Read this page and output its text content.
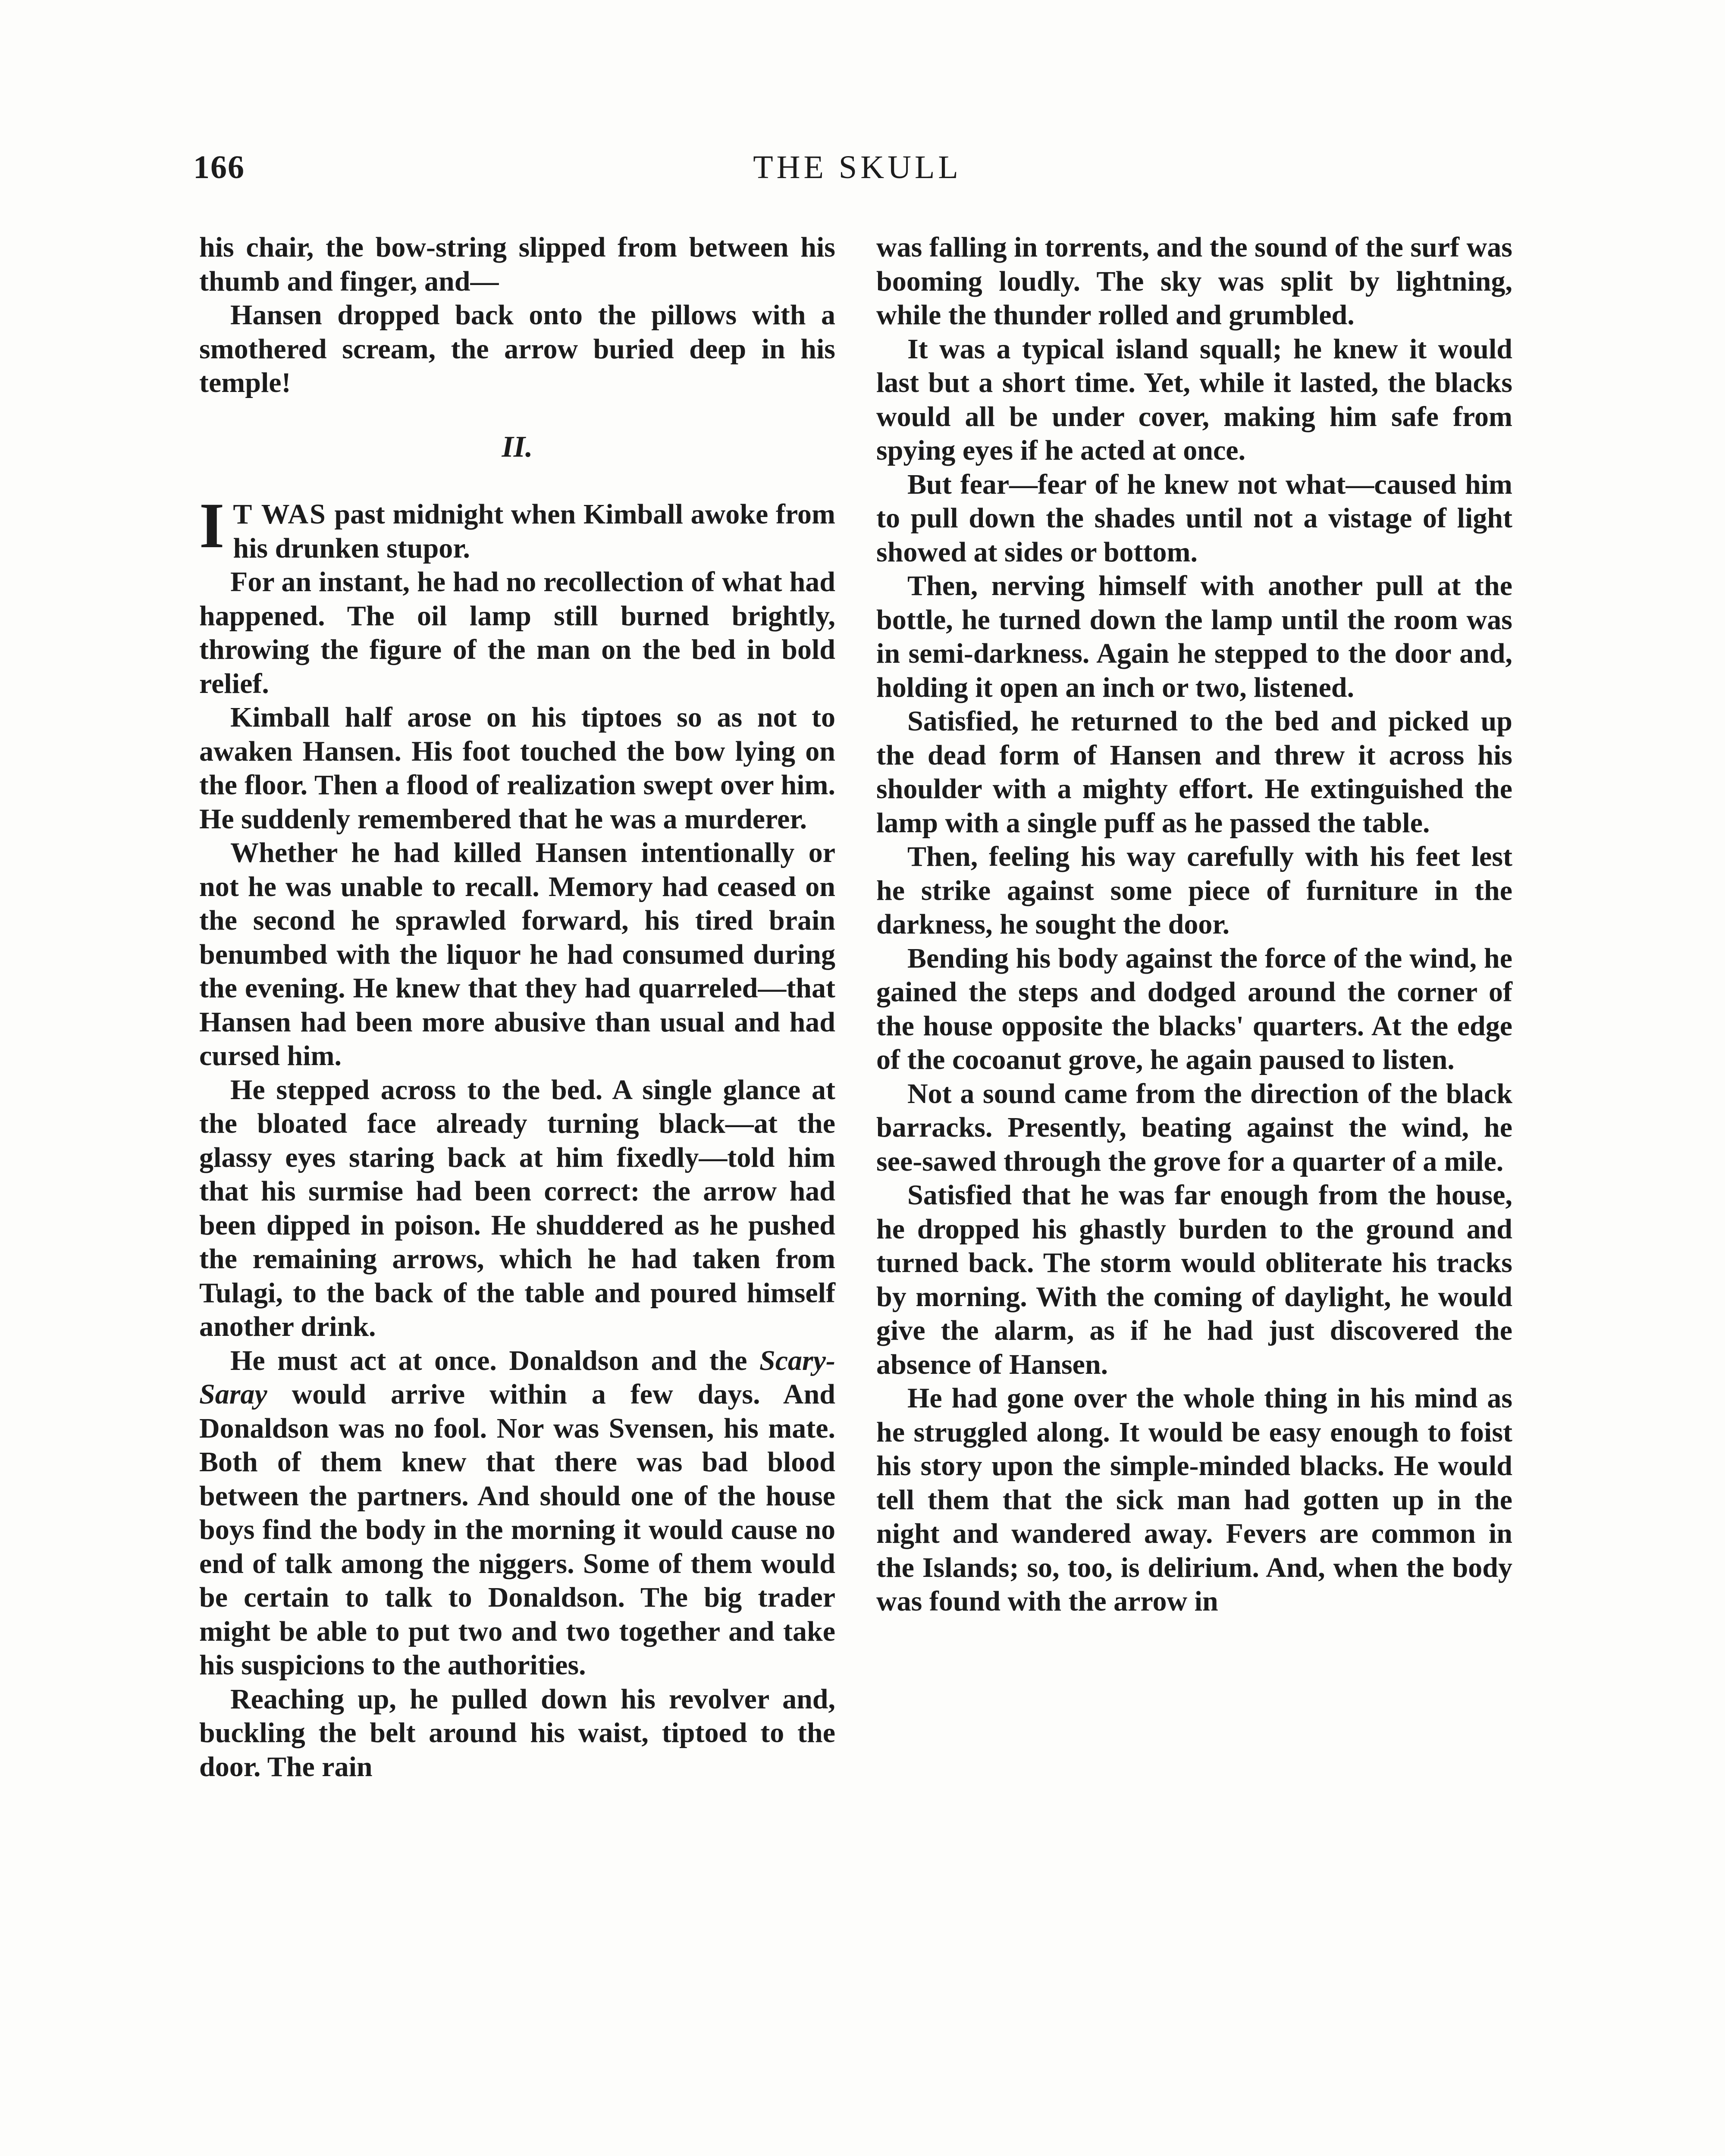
166	THE SKULL

his chair, the bow-string slipped from between his thumb and finger, and—

Hansen dropped back onto the pillows with a smothered scream, the arrow buried deep in his temple!

II.

I T WAS past midnight when Kimball awoke from his drunken stupor.

For an instant, he had no recollection of what had happened. The oil lamp still burned brightly, throwing the figure of the man on the bed in bold relief.

Kimball half arose on his tiptoes so as not to awaken Hansen. His foot touched the bow lying on the floor. Then a flood of realization swept over him. He suddenly remembered that he was a murderer.

Whether he had killed Hansen intentionally or not he was unable to recall. Memory had ceased on the second he sprawled forward, his tired brain benumbed with the liquor he had consumed during the evening. He knew that they had quarreled—that Hansen had been more abusive than usual and had cursed him.

He stepped across to the bed. A single glance at the bloated face already turning black—at the glassy eyes staring back at him fixedly—told him that his surmise had been correct: the arrow had been dipped in poison. He shuddered as he pushed the remaining arrows, which he had taken from Tulagi, to the back of the table and poured himself another drink.

He must act at once. Donaldson and the Scary-Saray would arrive within a few days. And Donaldson was no fool. Nor was Svensen, his mate. Both of them knew that there was bad blood between the partners. And should one of the house boys find the body in the morning it would cause no end of talk among the niggers. Some of them would be certain to talk to Donaldson. The big trader might be able to put two and two together and take his suspicions to the authorities.

Reaching up, he pulled down his revolver and, buckling the belt around his waist, tiptoed to the door. The rain

was falling in torrents, and the sound of the surf was booming loudly. The sky was split by lightning, while the thunder rolled and grumbled.

It was a typical island squall; he knew it would last but a short time. Yet, while it lasted, the blacks would all be under cover, making him safe from spying eyes if he acted at once.

But fear—fear of he knew not what—caused him to pull down the shades until not a vistage of light showed at sides or bottom.

Then, nerving himself with another pull at the bottle, he turned down the lamp until the room was in semi-darkness. Again he stepped to the door and, holding it open an inch or two, listened.

Satisfied, he returned to the bed and picked up the dead form of Hansen and threw it across his shoulder with a mighty effort. He extinguished the lamp with a single puff as he passed the table.

Then, feeling his way carefully with his feet lest he strike against some piece of furniture in the darkness, he sought the door.

Bending his body against the force of the wind, he gained the steps and dodged around the corner of the house opposite the blacks' quarters. At the edge of the cocoanut grove, he again paused to listen.

Not a sound came from the direction of the black barracks. Presently, beating against the wind, he see-sawed through the grove for a quarter of a mile.

Satisfied that he was far enough from the house, he dropped his ghastly burden to the ground and turned back. The storm would obliterate his tracks by morning. With the coming of daylight, he would give the alarm, as if he had just discovered the absence of Hansen.

He had gone over the whole thing in his mind as he struggled along. It would be easy enough to foist his story upon the simple-minded blacks. He would tell them that the sick man had gotten up in the night and wandered away. Fevers are common in the Islands; so, too, is delirium. And, when the body was found with the arrow in
